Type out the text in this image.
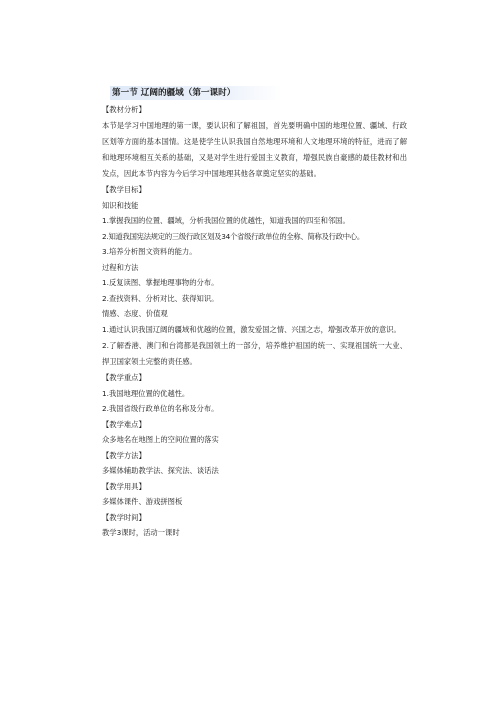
第一节 辽阔的疆域（第一课时）
【教材分析】
本节是学习中国地理的第一课，要认识和了解祖国，首先要明确中国的地理位置、疆域、行政区划等方面的基本国情。这是使学生认识我国自然地理环境和人文地理环境的特征，进而了解和地理环境相互关系的基础，又是对学生进行爱国主义教育，增强民族自豪感的最佳教材和出发点，因此本节内容为今后学习中国地理其他各章奠定坚实的基础。
【教学目标】
知识和技能
1.掌握我国的位置、疆域，分析我国位置的优越性，知道我国的四至和邻国。
2.知道我国宪法规定的三级行政区划及34个省级行政单位的全称、简称及行政中心。
3.培养分析图文资料的能力。
过程和方法
1.反复读图、掌握地理事物的分布。
2.查找资料、分析对比、获得知识。
情感、态度、价值观
1.通过认识我国辽阔的疆域和优越的位置，激发爱国之情、兴国之志，增强改革开放的意识。
2.了解香港、澳门和台湾都是我国领土的一部分，培养维护祖国的统一、实现祖国统一大业、捍卫国家领土完整的责任感。
【教学重点】
1.我国地理位置的优越性。
2.我国省级行政单位的名称及分布。
【教学难点】
众多地名在地图上的空间位置的落实
【教学方法】
多媒体辅助教学法、探究法、谈话法
【教学用具】
多媒体课件、游戏拼图板
【教学时间】
教学3课时，活动一课时
